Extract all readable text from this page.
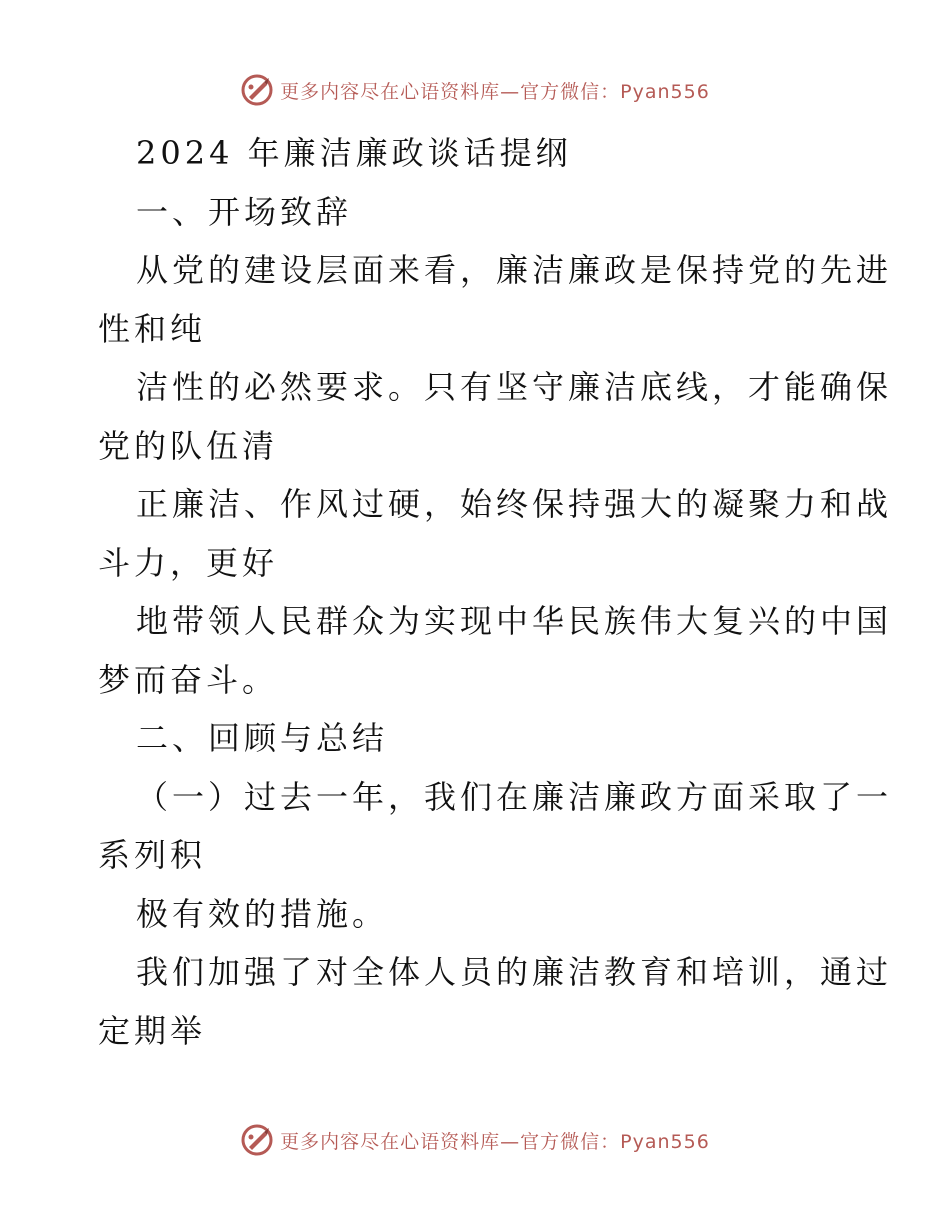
更多内容尽在心语资料库—官方微信：Pyan556
2024 年廉洁廉政谈话提纲
一、开场致辞
从党的建设层面来看，廉洁廉政是保持党的先进
性和纯
洁性的必然要求。只有坚守廉洁底线，才能确保
党的队伍清
正廉洁、作风过硬，始终保持强大的凝聚力和战
斗力，更好
地带领人民群众为实现中华民族伟大复兴的中国
梦而奋斗。
二、回顾与总结
（一）过去一年，我们在廉洁廉政方面采取了一
系列积
极有效的措施。
我们加强了对全体人员的廉洁教育和培训，通过
定期举
更多内容尽在心语资料库—官方微信：Pyan556
